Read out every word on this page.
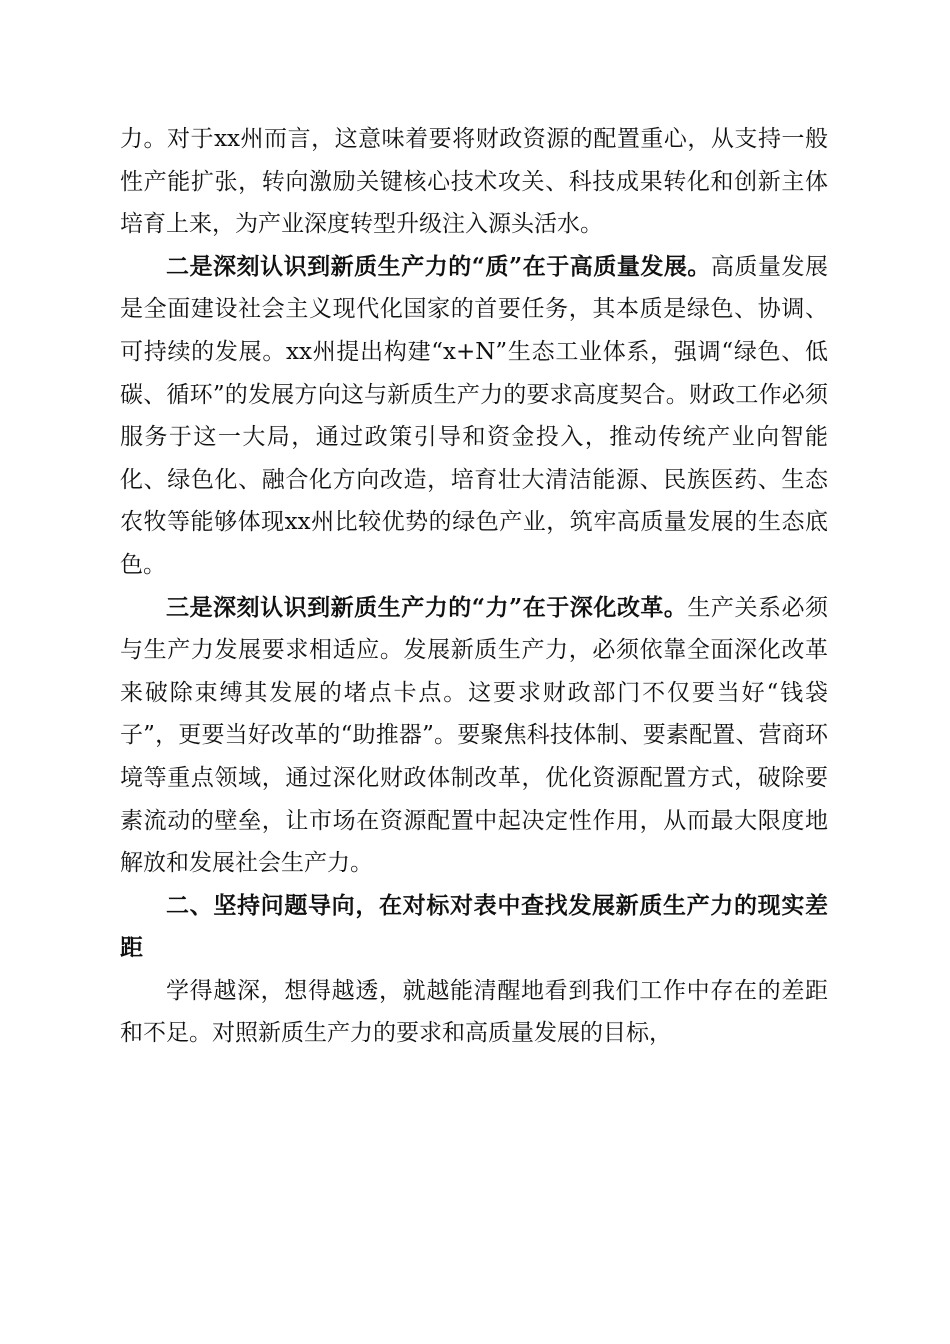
力。对于xx州而言，这意味着要将财政资源的配置重心，从支持一般性产能扩张，转向激励关键核心技术攻关、科技成果转化和创新主体培育上来，为产业深度转型升级注入源头活水。

二是深刻认识到新质生产力的“质”在于高质量发展。高质量发展是全面建设社会主义现代化国家的首要任务，其本质是绿色、协调、可持续的发展。xx州提出构建“x+N”生态工业体系，强调“绿色、低碳、循环”的发展方向这与新质生产力的要求高度契合。财政工作必须服务于这一大局，通过政策引导和资金投入，推动传统产业向智能化、绿色化、融合化方向改造，培育壮大清洁能源、民族医药、生态农牧等能够体现xx州比较优势的绿色产业，筑牢高质量发展的生态底色。

三是深刻认识到新质生产力的“力”在于深化改革。生产关系必须与生产力发展要求相适应。发展新质生产力，必须依靠全面深化改革来破除束缚其发展的堵点卡点。这要求财政部门不仅要当好“钱袋子”，更要当好改革的“助推器”。要聚焦科技体制、要素配置、营商环境等重点领域，通过深化财政体制改革，优化资源配置方式，破除要素流动的壁垒，让市场在资源配置中起决定性作用，从而最大限度地解放和发展社会生产力。

二、坚持问题导向，在对标对表中查找发展新质生产力的现实差距

学得越深，想得越透，就越能清醒地看到我们工作中存在的差距和不足。对照新质生产力的要求和高质量发展的目标，
